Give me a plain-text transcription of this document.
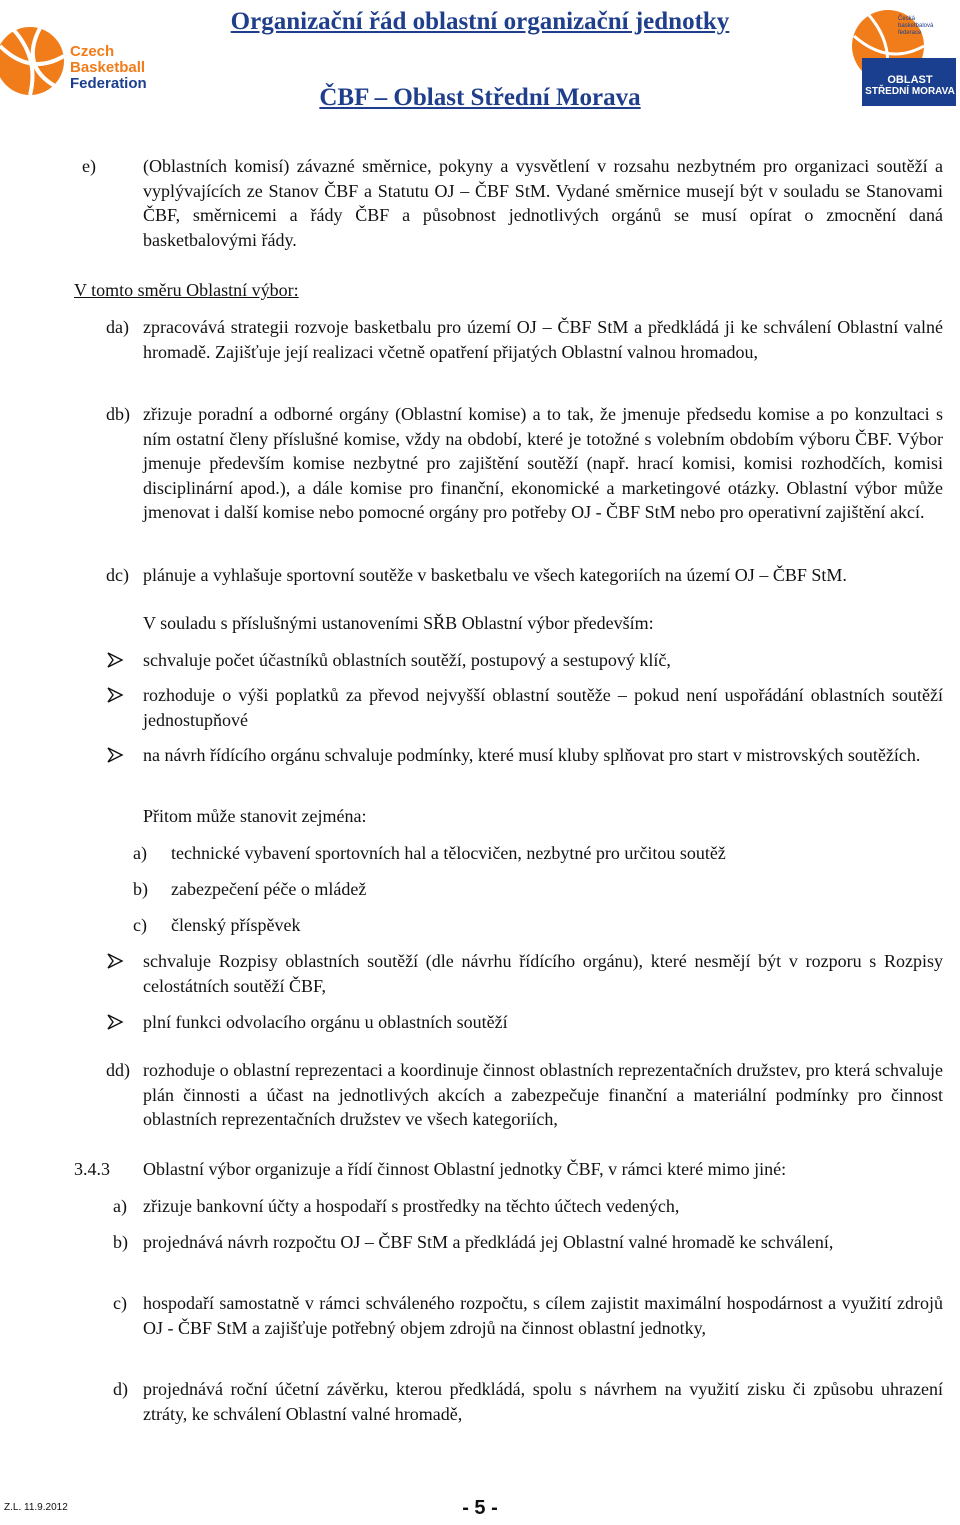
Czech
Basketball
Federation
Organizační řád oblastní organizační jednotky
ČBF – Oblast Střední Morava
Česká
basketbalová
federace
OBLAST
STŘEDNÍ MORAVA
e)	(Oblastních komisí) závazné směrnice, pokyny a vysvětlení v rozsahu nezbytném pro organizaci soutěží a vyplývajících ze Stanov ČBF a Statutu OJ – ČBF StM. Vydané směrnice musejí být v souladu se Stanovami ČBF, směrnicemi a řády ČBF a působnost jednotlivých orgánů se musí opírat o zmocnění daná basketbalovými řády.
V tomto směru Oblastní výbor:
da) zpracovává strategii rozvoje basketbalu pro území OJ – ČBF StM a předkládá ji ke schválení Oblastní valné hromadě. Zajišťuje její realizaci včetně opatření přijatých Oblastní valnou hromadou,
db) zřizuje poradní a odborné orgány (Oblastní komise) a to tak, že jmenuje předsedu komise a po konzultaci s ním ostatní členy příslušné komise, vždy na období, které je totožné s volebním obdobím výboru ČBF. Výbor jmenuje především komise nezbytné pro zajištění soutěží (např. hrací komisi, komisi rozhodčích, komisi disciplinární apod.), a dále komise pro finanční, ekonomické a marketingové otázky. Oblastní výbor může jmenovat i další komise nebo pomocné orgány pro potřeby OJ - ČBF StM nebo pro operativní zajištění akcí.
dc) plánuje a vyhlašuje sportovní soutěže v basketbalu ve všech kategoriích na území OJ – ČBF StM.
V souladu s příslušnými ustanoveními SŘB Oblastní výbor především:
schvaluje počet účastníků oblastních soutěží, postupový a sestupový klíč,
rozhoduje o výši poplatků za převod nejvyšší oblastní soutěže – pokud není uspořádání oblastních soutěží jednostupňové
na návrh řídícího orgánu schvaluje podmínky, které musí kluby splňovat pro start v mistrovských soutěžích.
Přitom může stanovit zejména:
a) technické vybavení sportovních hal a tělocvičen, nezbytné pro určitou soutěž
b) zabezpečení péče o mládež
c) členský příspěvek
schvaluje Rozpisy oblastních soutěží (dle návrhu řídícího orgánu), které nesmějí být v rozporu s Rozpisy celostátních soutěží ČBF,
plní funkci odvolacího orgánu u oblastních soutěží
dd) rozhoduje o oblastní reprezentaci a koordinuje činnost oblastních reprezentačních družstev, pro která schvaluje plán činnosti a účast na jednotlivých akcích a zabezpečuje finanční a materiální podmínky pro činnost oblastních reprezentačních družstev ve všech kategoriích,
3.4.3 Oblastní výbor organizuje a řídí činnost Oblastní jednotky ČBF, v rámci které mimo jiné:
a) zřizuje bankovní účty a hospodaří s prostředky na těchto účtech vedených,
b) projednává návrh rozpočtu OJ – ČBF StM a předkládá jej Oblastní valné hromadě ke schválení,
c) hospodaří samostatně v rámci schváleného rozpočtu, s cílem zajistit maximální hospodárnost a využití zdrojů OJ - ČBF StM a zajišťuje potřebný objem zdrojů na činnost oblastní jednotky,
d) projednává roční účetní závěrku, kterou předkládá, spolu s návrhem na využití zisku či způsobu uhrazení ztráty, ke schválení Oblastní valné hromadě,
Z.L. 11.9.2012	- 5 -
